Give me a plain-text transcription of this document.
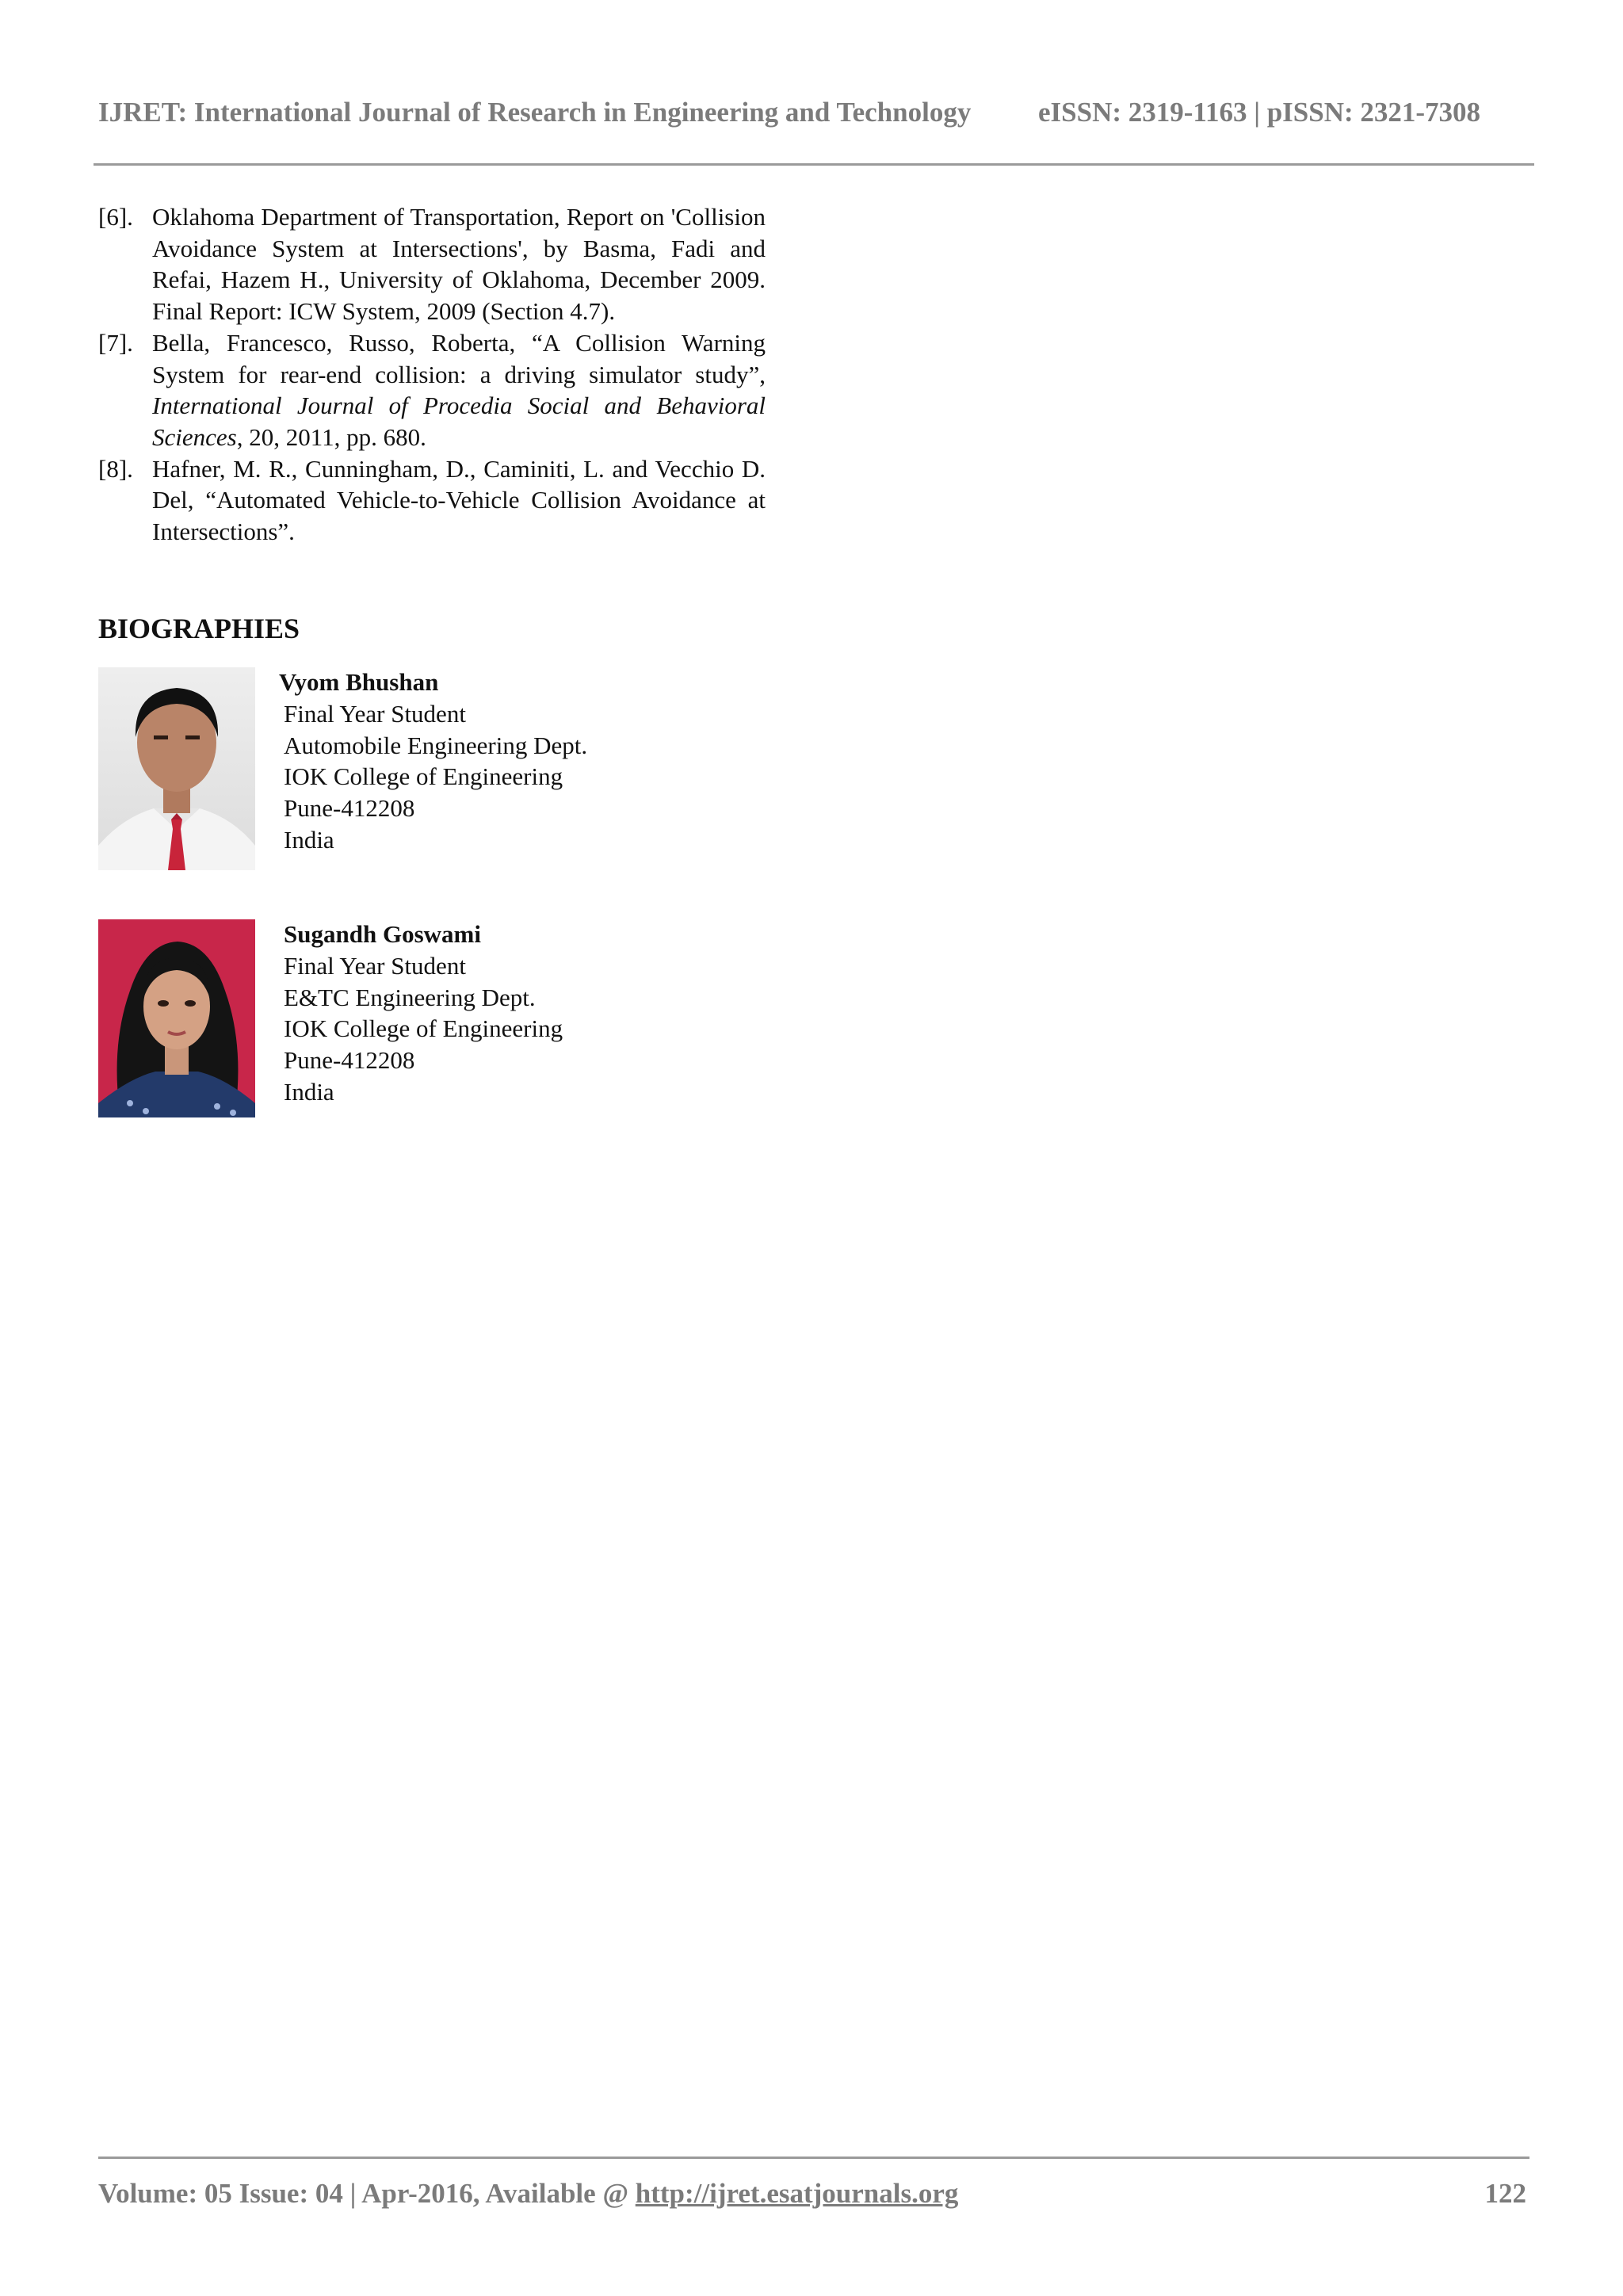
IJRET: International Journal of Research in Engineering and Technology eISSN: 2319-1163 | pISSN: 2321-7308
[6]. Oklahoma Department of Transportation, Report on 'Collision Avoidance System at Intersections', by Basma, Fadi and Refai, Hazem H., University of Oklahoma, December 2009. Final Report: ICW System, 2009 (Section 4.7).
[7]. Bella, Francesco, Russo, Roberta, “A Collision Warning System for rear-end collision: a driving simulator study”, International Journal of Procedia Social and Behavioral Sciences, 20, 2011, pp. 680.
[8]. Hafner, M. R., Cunningham, D., Caminiti, L. and Vecchio D. Del, “Automated Vehicle-to-Vehicle Collision Avoidance at Intersections”.
BIOGRAPHIES
Vyom Bhushan
Final Year Student
Automobile Engineering Dept.
IOK College of Engineering
Pune-412208
India
Sugandh Goswami
Final Year Student
E&TC Engineering Dept.
IOK College of Engineering
Pune-412208
India
Volume: 05 Issue: 04 | Apr-2016, Available @ http://ijret.esatjournals.org	122
